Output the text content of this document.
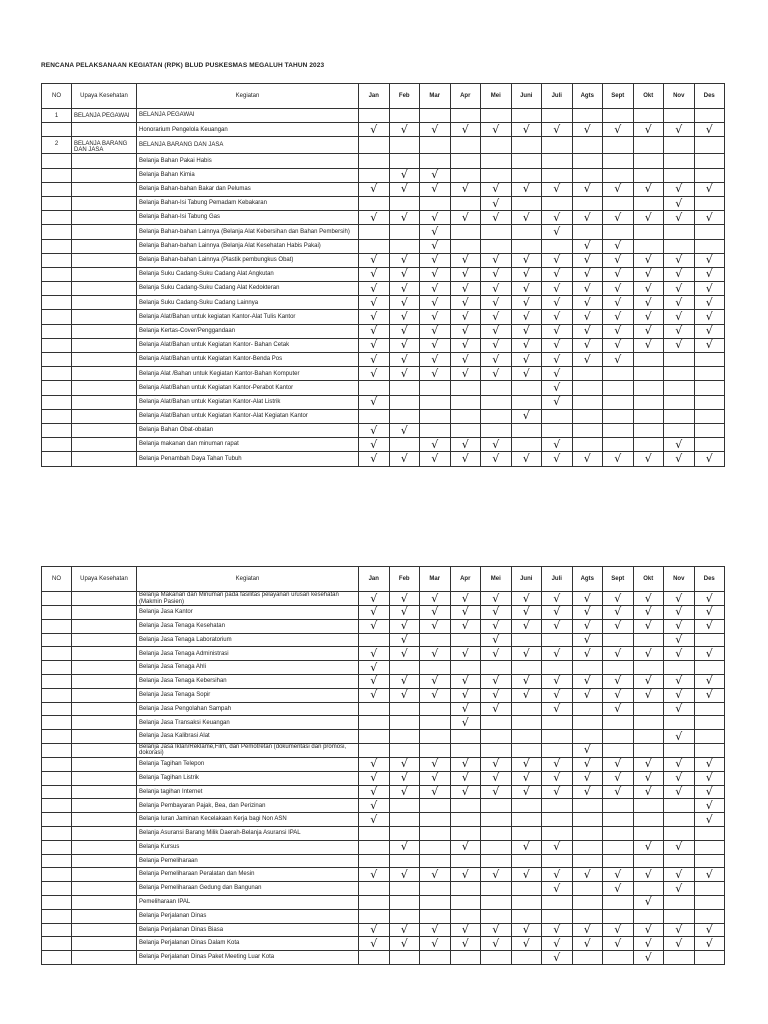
RENCANA PELAKSANAAN KEGIATAN (RPK) BLUD PUSKESMAS MEGALUH TAHUN 2023
NO	Upaya Kesehatan	Kegiatan	Jan	Feb	Mar	Apr	Mei	Juni	Juli	Agts	Sept	Okt	Nov	Des
1	BELANJA PEGAWAI	BELANJA PEGAWAI												
		Honorarium Pengelola Keuangan	√	√	√	√	√	√	√	√	√	√	√	√
2	BELANJA BARANG DAN JASA	BELANJA BARANG DAN JASA												
		Belanja Bahan Pakai Habis												
		Belanja Bahan Kimia		√	√									
		Belanja Bahan-bahan Bakar dan Pelumas	√	√	√	√	√	√	√	√	√	√	√	√
		Belanja Bahan-Isi Tabung Pemadam Kebakaran					√						√	
		Belanja Bahan-Isi Tabung Gas	√	√	√	√	√	√	√	√	√	√	√	√
		Belanja Bahan-bahan Lainnya (Belanja Alat Kebersihan dan Bahan Pembersih)			√				√					
		Belanja Bahan-bahan Lainnya (Belanja Alat Kesehatan Habis Pakai)			√					√	√			
		Belanja Bahan-bahan Lainnya (Plastik pembungkus Obat)	√	√	√	√	√	√	√	√	√	√	√	√
		Belanja Suku Cadang-Suku Cadang Alat Angkutan	√	√	√	√	√	√	√	√	√	√	√	√
		Belanja Suku Cadang-Suku Cadang Alat Kedokteran	√	√	√	√	√	√	√	√	√	√	√	√
		Belanja Suku Cadang-Suku Cadang Lainnya	√	√	√	√	√	√	√	√	√	√	√	√
		Belanja Alat/Bahan untuk kegiatan Kantor-Alat Tulis Kantor	√	√	√	√	√	√	√	√	√	√	√	√
		Belanja Kertas-Cover/Penggandaan	√	√	√	√	√	√	√	√	√	√	√	√
		Belanja Alat/Bahan untuk Kegiatan Kantor- Bahan Cetak	√	√	√	√	√	√	√	√	√	√	√	√
		Belanja Alat/Bahan untuk Kegiatan Kantor-Benda Pos	√	√	√	√	√	√	√	√	√			
		Belanja Alat /Bahan untuk Kegiatan Kantor-Bahan Komputer	√	√	√	√	√	√	√					
		Belanja Alat/Bahan untuk Kegiatan Kantor-Perabot Kantor							√					
		Belanja Alat/Bahan untuk Kegiatan Kantor-Alat Listrik	√						√					
		Belanja Alat/Bahan untuk Kegiatan Kantor-Alat Kegiatan Kantor						√						
		Belanja Bahan Obat-obatan	√	√										
		Belanja makanan dan minuman rapat	√		√	√	√		√				√	
		Belanja Penambah Daya Tahan Tubuh	√	√	√	√	√	√	√	√	√	√	√	√
NO	Upaya Kesehatan	Kegiatan	Jan	Feb	Mar	Apr	Mei	Juni	Juli	Agts	Sept	Okt	Nov	Des
		Belanja Makanan dan Minuman pada fasilitas pelayanan urusan kesehatan (Makmin Pasien)	√	√	√	√	√	√	√	√	√	√	√	√
		Belanja Jasa Kantor	√	√	√	√	√	√	√	√	√	√	√	√
		Belanja Jasa Tenaga Kesehatan	√	√	√	√	√	√	√	√	√	√	√	√
		Belanja Jasa Tenaga Laboratorium		√			√			√			√	
		Belanja Jasa Tenaga Administrasi	√	√	√	√	√	√	√	√	√	√	√	√
		Belanja Jasa Tenaga Ahli	√											
		Belanja Jasa Tenaga Kebersihan	√	√	√	√	√	√	√	√	√	√	√	√
		Belanja Jasa Tenaga Sopir	√	√	√	√	√	√	√	√	√	√	√	√
		Belanja Jasa Pengolahan Sampah				√	√		√		√		√	
		Belanja Jasa Transaksi Keuangan				√								
		Belanja Jasa Kalibrasi Alat											√	
		Belanja Jasa Iklan/Reklame,Film, dan Pemotretan (dokumentasi dan promosi, dokorasi)								√				
		Belanja Tagihan Telepon	√	√	√	√	√	√	√	√	√	√	√	√
		Belanja Tagihan Listrik	√	√	√	√	√	√	√	√	√	√	√	√
		Belanja tagihan Internet	√	√	√	√	√	√	√	√	√	√	√	√
		Belanja Pembayaran Pajak, Bea, dan Perizinan	√											√
		Belanja Iuran Jaminan Kecelakaan Kerja bagi Non ASN	√											√
		Belanja Asuransi Barang Milik Daerah-Belanja Asuransi IPAL												
		Belanja Kursus		√		√		√	√			√	√	
		Belanja Pemeliharaan												
		Belanja Pemeliharaan Peralatan dan Mesin	√	√	√	√	√	√	√	√	√	√	√	√
		Belanja Pemeliharaan Gedung dan Bangunan							√		√		√	
		Pemeliharaan IPAL										√		
		Belanja Perjalanan Dinas												
		Belanja Perjalanan Dinas Biasa	√	√	√	√	√	√	√	√	√	√	√	√
		Belanja Perjalanan Dinas Dalam Kota	√	√	√	√	√	√	√	√	√	√	√	√
		Belanja Perjalanan Dinas Paket Meeting Luar Kota							√			√		
